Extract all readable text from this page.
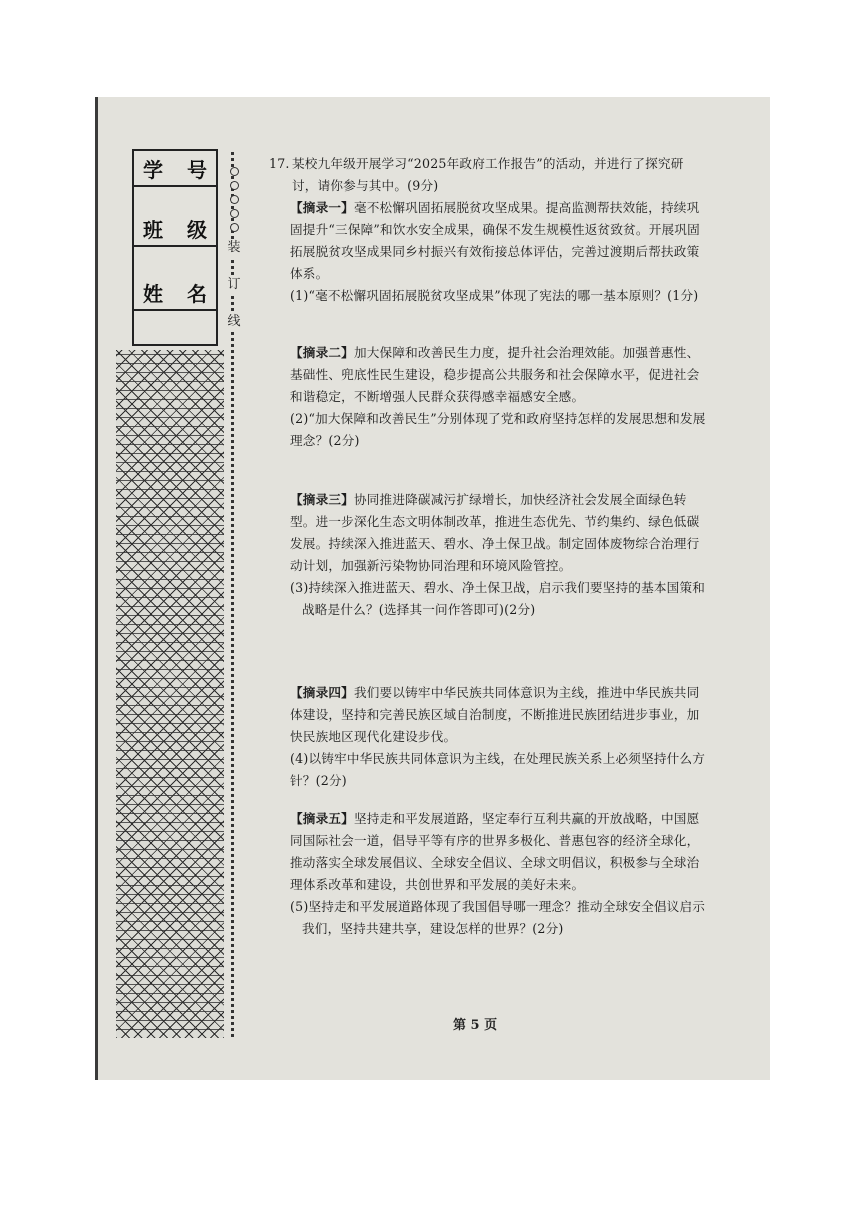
学 号
班 级
姓 名
装
订
线
17. 某校九年级开展学习“2025年政府工作报告”的活动，并进行了探究研讨，请你参与其中。(9分)
【摘录一】毫不松懈巩固拓展脱贫攻坚成果。提高监测帮扶效能，持续巩固提升“三保障”和饮水安全成果，确保不发生规模性返贫致贫。开展巩固拓展脱贫攻坚成果同乡村振兴有效衔接总体评估，完善过渡期后帮扶政策体系。

(1)“毫不松懈巩固拓展脱贫攻坚成果”体现了宪法的哪一基本原则？(1分)

【摘录二】加大保障和改善民生力度，提升社会治理效能。加强普惠性、基础性、兜底性民生建设，稳步提高公共服务和社会保障水平，促进社会和谐稳定，不断增强人民群众获得感幸福感安全感。

(2)“加大保障和改善民生”分别体现了党和政府坚持怎样的发展思想和发展理念？(2分)

【摘录三】协同推进降碳减污扩绿增长，加快经济社会发展全面绿色转型。进一步深化生态文明体制改革，推进生态优先、节约集约、绿色低碳发展。持续深入推进蓝天、碧水、净土保卫战。制定固体废物综合治理行动计划，加强新污染物协同治理和环境风险管控。

(3)持续深入推进蓝天、碧水、净土保卫战，启示我们要坚持的基本国策和战略是什么？(选择其一问作答即可)(2分)

【摘录四】我们要以铸牢中华民族共同体意识为主线，推进中华民族共同体建设，坚持和完善民族区域自治制度，不断推进民族团结进步事业，加快民族地区现代化建设步伐。

(4)以铸牢中华民族共同体意识为主线，在处理民族关系上必须坚持什么方针？(2分)

【摘录五】坚持走和平发展道路，坚定奉行互利共赢的开放战略，中国愿同国际社会一道，倡导平等有序的世界多极化、普惠包容的经济全球化，推动落实全球发展倡议、全球安全倡议、全球文明倡议，积极参与全球治理体系改革和建设，共创世界和平发展的美好未来。

(5)坚持走和平发展道路体现了我国倡导哪一理念？推动全球安全倡议启示我们，坚持共建共享，建设怎样的世界？(2分)

第 5 页
